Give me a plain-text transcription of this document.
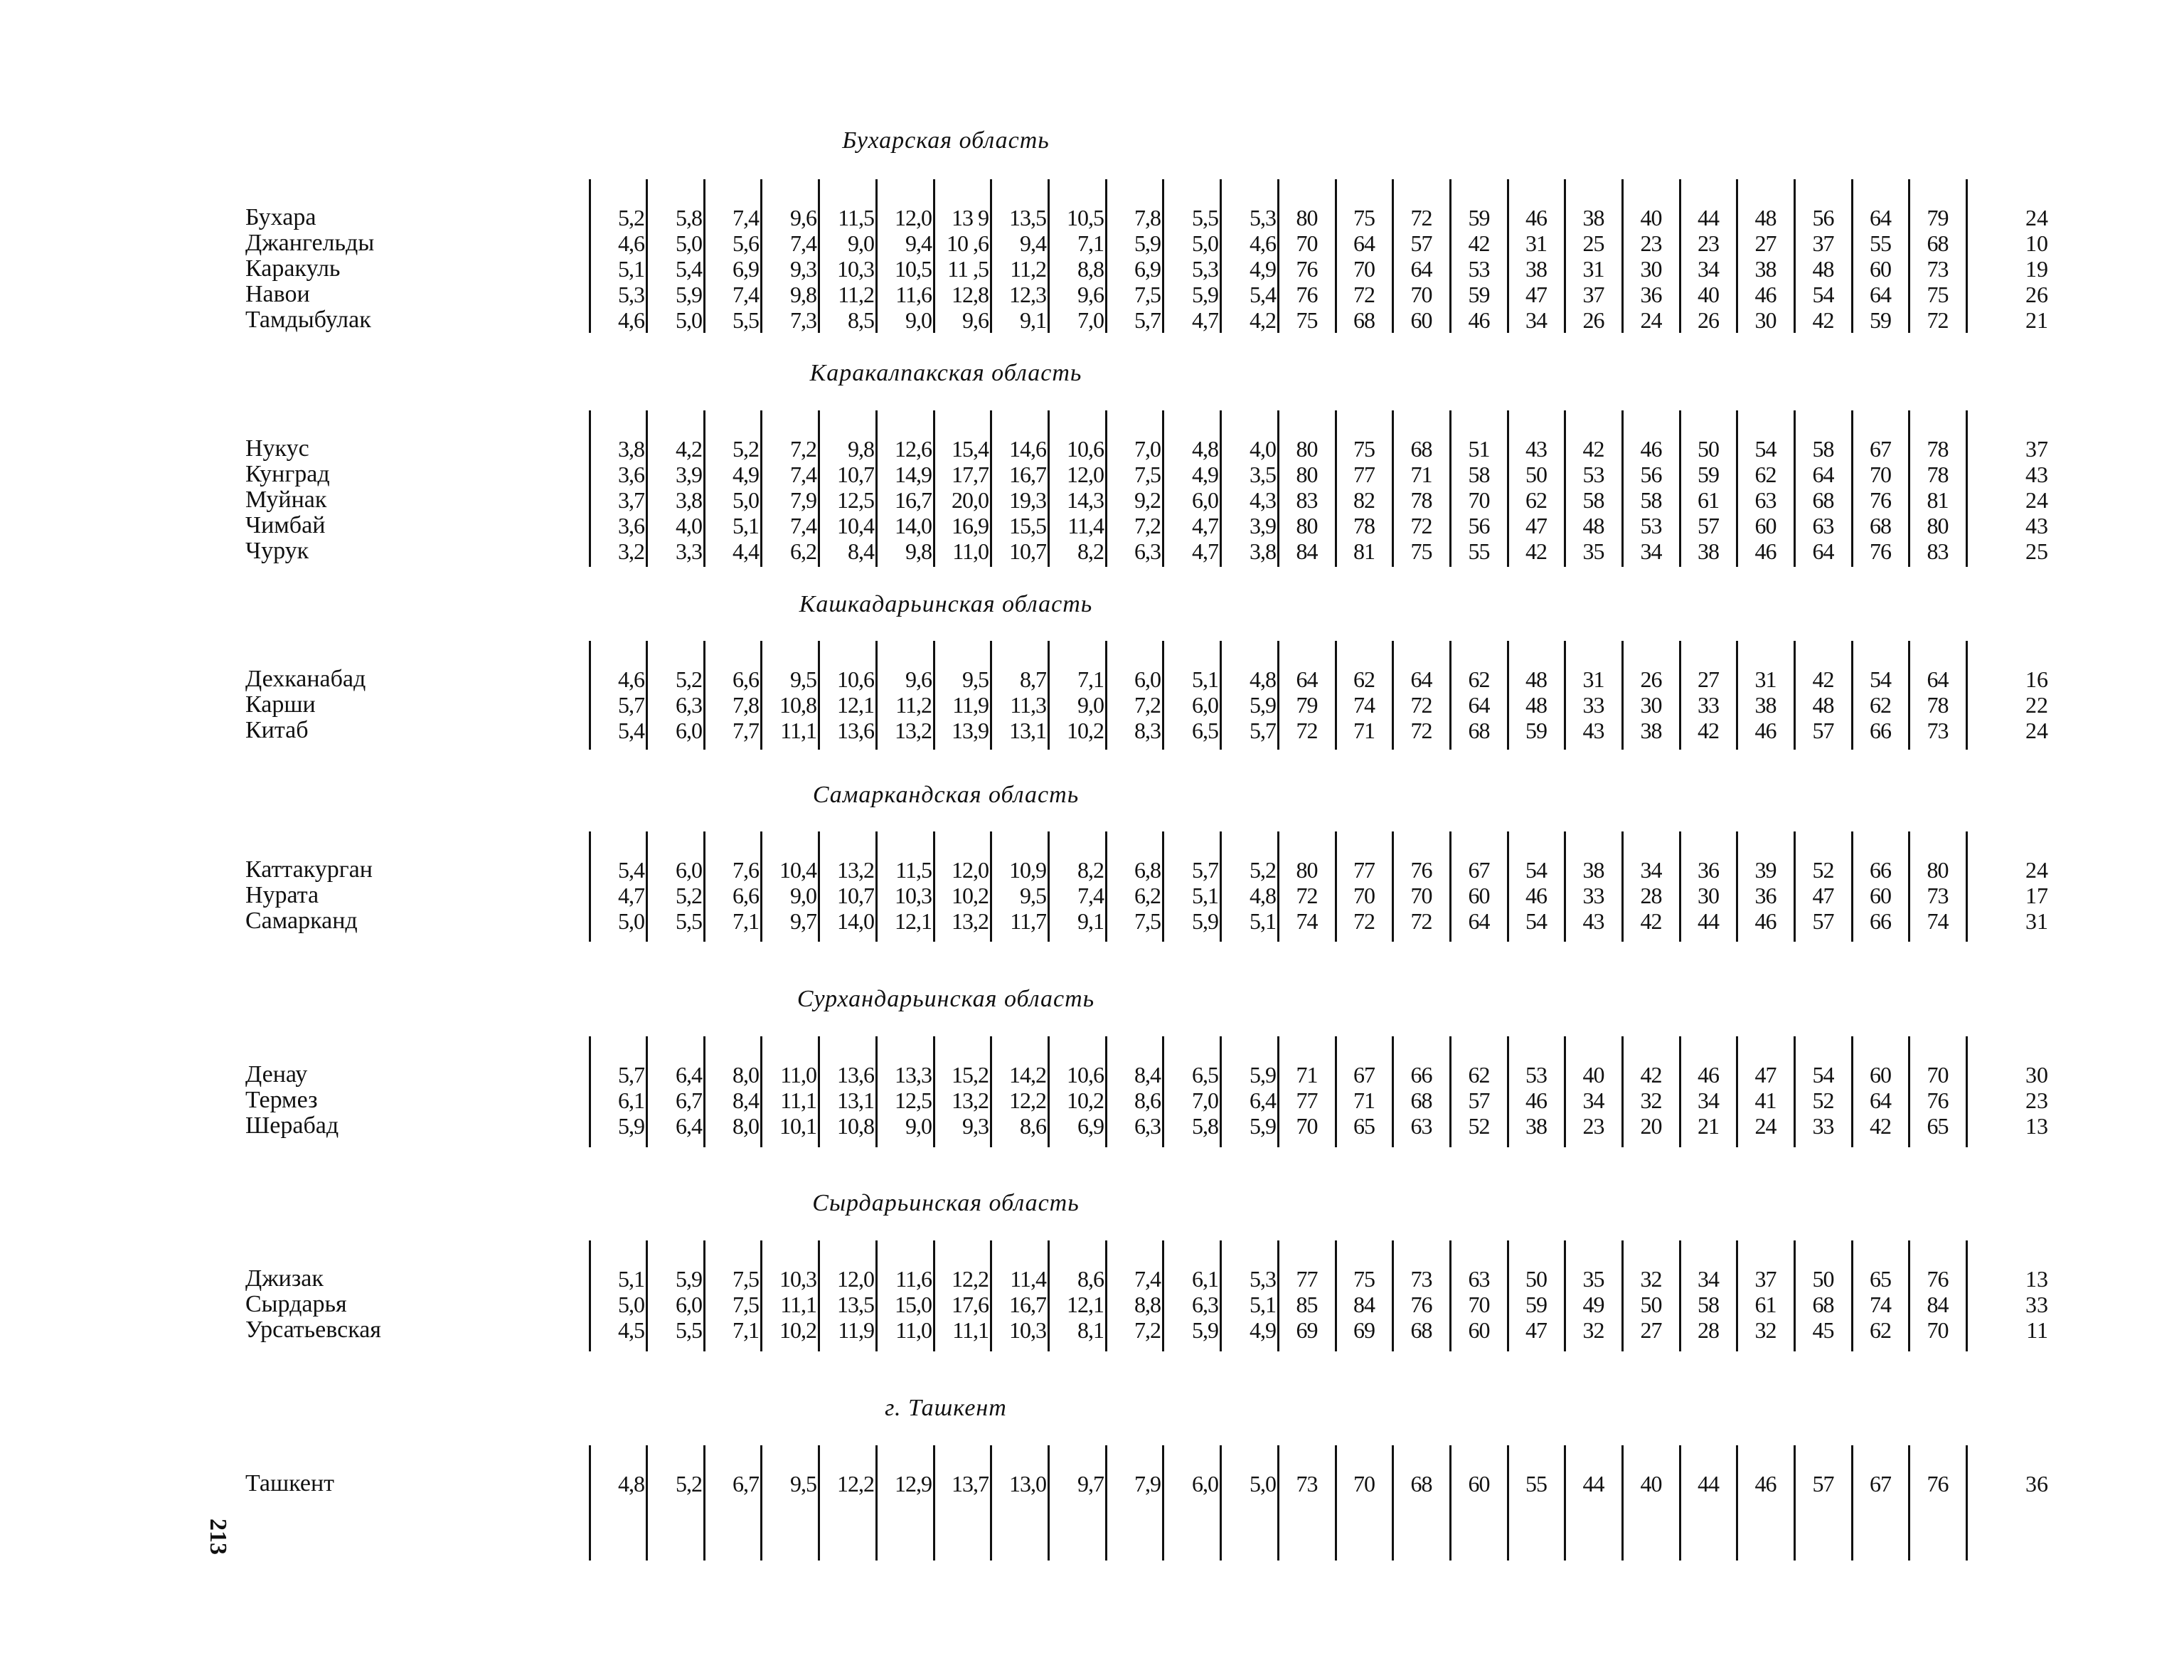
Бухарская область
Бухара	5,2	5,8	7,4	9,6 11,5 12,0 13 9 13,5 10,5	7,8	5,5	5,3 80	75	72	59	46	38	40	44	48	56	64	79	24
Джангельды	4,6	5,0	5,6	7,4	9,0	9,4 10 ,6	9,4	7,1	5,9	5,0	4,6 70	64	57	42	31	25	23	23	27	37	55	68	10
Каракуль	5,1	5,4	6,9	9,3 10,3 10,5 11 ,5 11,2	8,8	6,9	5,3	4,9 76	70	64	53	38	31	30	34	38	48	60	73	19
Навои	5,3	5,9	7,4	9,8 11,2 11,6 12,8 12,3	9,6	7,5	5,9	5,4 76	72	70	59	47	37	36	40	46	54	64	75	26
Тамдыбулак	4,6	5,0	5,5	7,3	8,5	9,0	9,6	9,1	7,0	5,7	4,7	4,2 75	68	60	46	34	26	24	26	30	42	59	72	21
Каракалпакская область
Нукус	3,8	4,2	5,2	7,2	9,8 12,6 15,4 14,6 10,6	7,0	4,8	4,0 80	75	68	51	43	42	46	50	54	58	67	78	37
Кунград	3,6	3,9	4,9	7,4 10,7 14,9 17,7 16,7 12,0	7,5	4,9	3,5 80	77	71	58	50	53	56	59	62	64	70	78	43
Муйнак	3,7	3,8	5,0	7,9 12,5 16,7 20,0 19,3 14,3	9,2	6,0	4,3 83	82	78	70	62	58	58	61	63	68	76	81	24
Чимбай	3,6	4,0	5,1	7,4 10,4 14,0 16,9 15,5 11,4	7,2	4,7	3,9 80	78	72	56	47	48	53	57	60	63	68	80	43
Чурук	3,2	3,3	4,4	6,2	8,4	9,8 11,0 10,7	8,2	6,3	4,7	3,8 84	81	75	55	42	35	34	38	46	64	76	83	25
Кашкадарьинская область
Дехканабад	4,6	5,2	6,6	9,5 10,6	9,6	9,5	8,7	7,1	6,0	5,1	4,8 64	62	64	62	48	31	26	27	31	42	54	64	16
Карши	5,7	6,3	7,8 10,8 12,1 11,2 11,9 11,3	9,0	7,2	6,0	5,9 79	74	72	64	48	33	30	33	38	48	62	78	22
Китаб	5,4	6,0	7,7 11,1 13,6 13,2 13,9 13,1 10,2	8,3	6,5	5,7 72	71	72	68	59	43	38	42	46	57	66	73	24
Самаркандская область
Каттакурган	5,4	6,0	7,6 10,4 13,2 11,5 12,0 10,9	8,2	6,8	5,7	5,2 80	77	76	67	54	38	34	36	39	52	66	80	24
Нурата	4,7	5,2	6,6	9,0 10,7 10,3 10,2	9,5	7,4	6,2	5,1	4,8 72	70	70	60	46	33	28	30	36	47	60	73	17
Самарканд	5,0	5,5	7,1	9,7 14,0 12,1 13,2 11,7	9,1	7,5	5,9	5,1 74	72	72	64	54	43	42	44	46	57	66	74	31
Сурхандарьинская область
Денау	5,7	6,4	8,0 11,0 13,6 13,3 15,2 14,2 10,6	8,4	6,5	5,9 71	67	66	62	53	40	42	46	47	54	60	70	30
Термез	6,1	6,7	8,4 11,1 13,1 12,5 13,2 12,2 10,2	8,6	7,0	6,4 77	71	68	57	46	34	32	34	41	52	64	76	23
Шерабад	5,9	6,4	8,0 10,1 10,8	9,0	9,3	8,6	6,9	6,3	5,8	5,9 70	65	63	52	38	23	20	21	24	33	42	65	13
Сырдарьинская область
Джизак	5,1	5,9	7,5 10,3 12,0 11,6 12,2 11,4	8,6	7,4	6,1	5,3 77	75	73	63	50	35	32	34	37	50	65	76	13
Сырдарья	5,0	6,0	7,5 11,1 13,5 15,0 17,6 16,7 12,1	8,8	6,3	5,1 85	84	76	70	59	49	50	58	61	68	74	84	33
Урсатьевская	4,5	5,5	7,1 10,2 11,9 11,0 11,1 10,3	8,1	7,2	5,9	4,9 69	69	68	60	47	32	27	28	32	45	62	70	11
г. Ташкент
Ташкент	4,8	5,2	6,7	9,5 12,2 12,9 13,7 13,0	9,7	7,9	6,0	5,0 73	70	68	60	55	44	40	44	46	57	67	76	36
213
